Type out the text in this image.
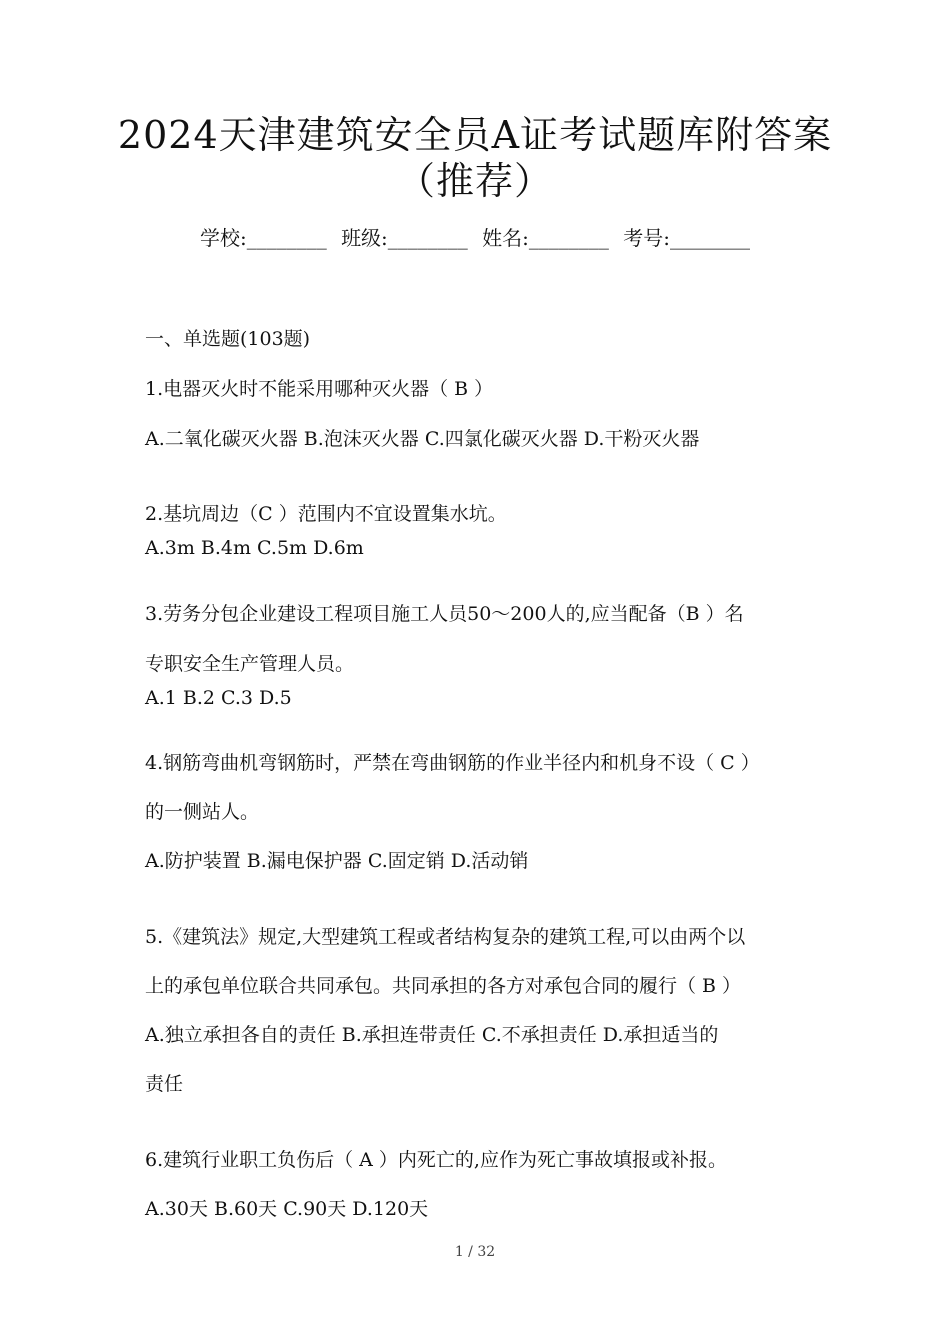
2024天津建筑安全员A证考试题库附答案
（推荐）
学校:________ 班级:________ 姓名:________ 考号:________
一、单选题(103题)
1.电器灭火时不能采用哪种灭火器（ B ）
A.二氧化碳灭火器 B.泡沫灭火器 C.四氯化碳灭火器 D.干粉灭火器
2.基坑周边（C ）范围内不宜设置集水坑。
A.3m B.4m C.5m D.6m
3.劳务分包企业建设工程项目施工人员50～200人的,应当配备（B ）名
专职安全生产管理人员。
A.1 B.2 C.3 D.5
4.钢筋弯曲机弯钢筋时，严禁在弯曲钢筋的作业半径内和机身不设（ C ）
的一侧站人。
A.防护装置 B.漏电保护器 C.固定销 D.活动销
5.《建筑法》规定,大型建筑工程或者结构复杂的建筑工程,可以由两个以
上的承包单位联合共同承包。共同承担的各方对承包合同的履行（ B ）
A.独立承担各自的责任 B.承担连带责任 C.不承担责任 D.承担适当的
责任
6.建筑行业职工负伤后（ A ）内死亡的,应作为死亡事故填报或补报。
A.30天 B.60天 C.90天 D.120天
1 / 32
